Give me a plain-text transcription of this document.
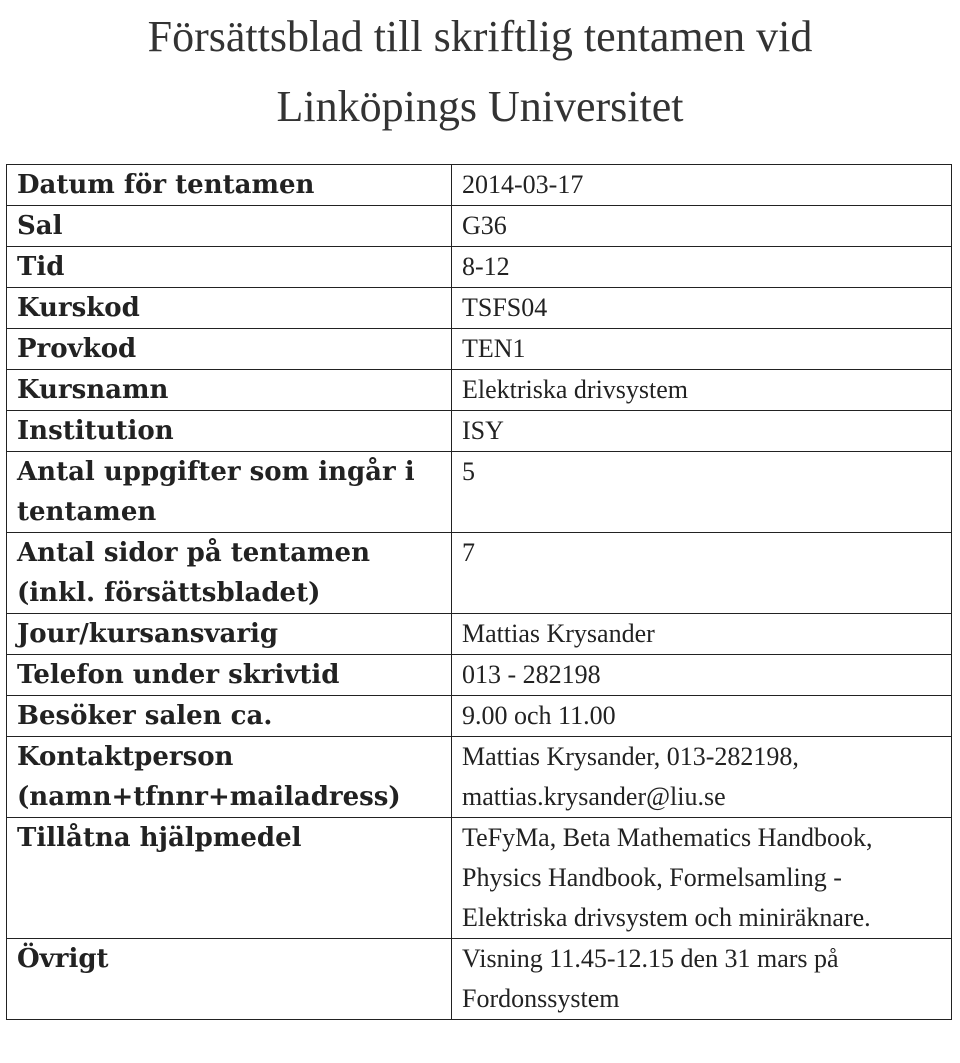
Försättsblad till skriftlig tentamen vid
Linköpings Universitet
Datum för tentamen	2014-03-17
Sal	G36
Tid	8-12
Kurskod	TSFS04
Provkod	TEN1
Kursnamn	Elektriska drivsystem
Institution	ISY
Antal uppgifter som ingår i tentamen	5
Antal sidor på tentamen (inkl. försättsbladet)	7
Jour/kursansvarig	Mattias Krysander
Telefon under skrivtid	013 - 282198
Besöker salen ca.	9.00 och 11.00
Kontaktperson (namn+tfnnr+mailadress)	Mattias Krysander, 013-282198, mattias.krysander@liu.se
Tillåtna hjälpmedel	TeFyMa, Beta Mathematics Handbook, Physics Handbook, Formelsamling - Elektriska drivsystem och miniräknare.
Övrigt	Visning 11.45-12.15 den 31 mars på Fordonssystem
